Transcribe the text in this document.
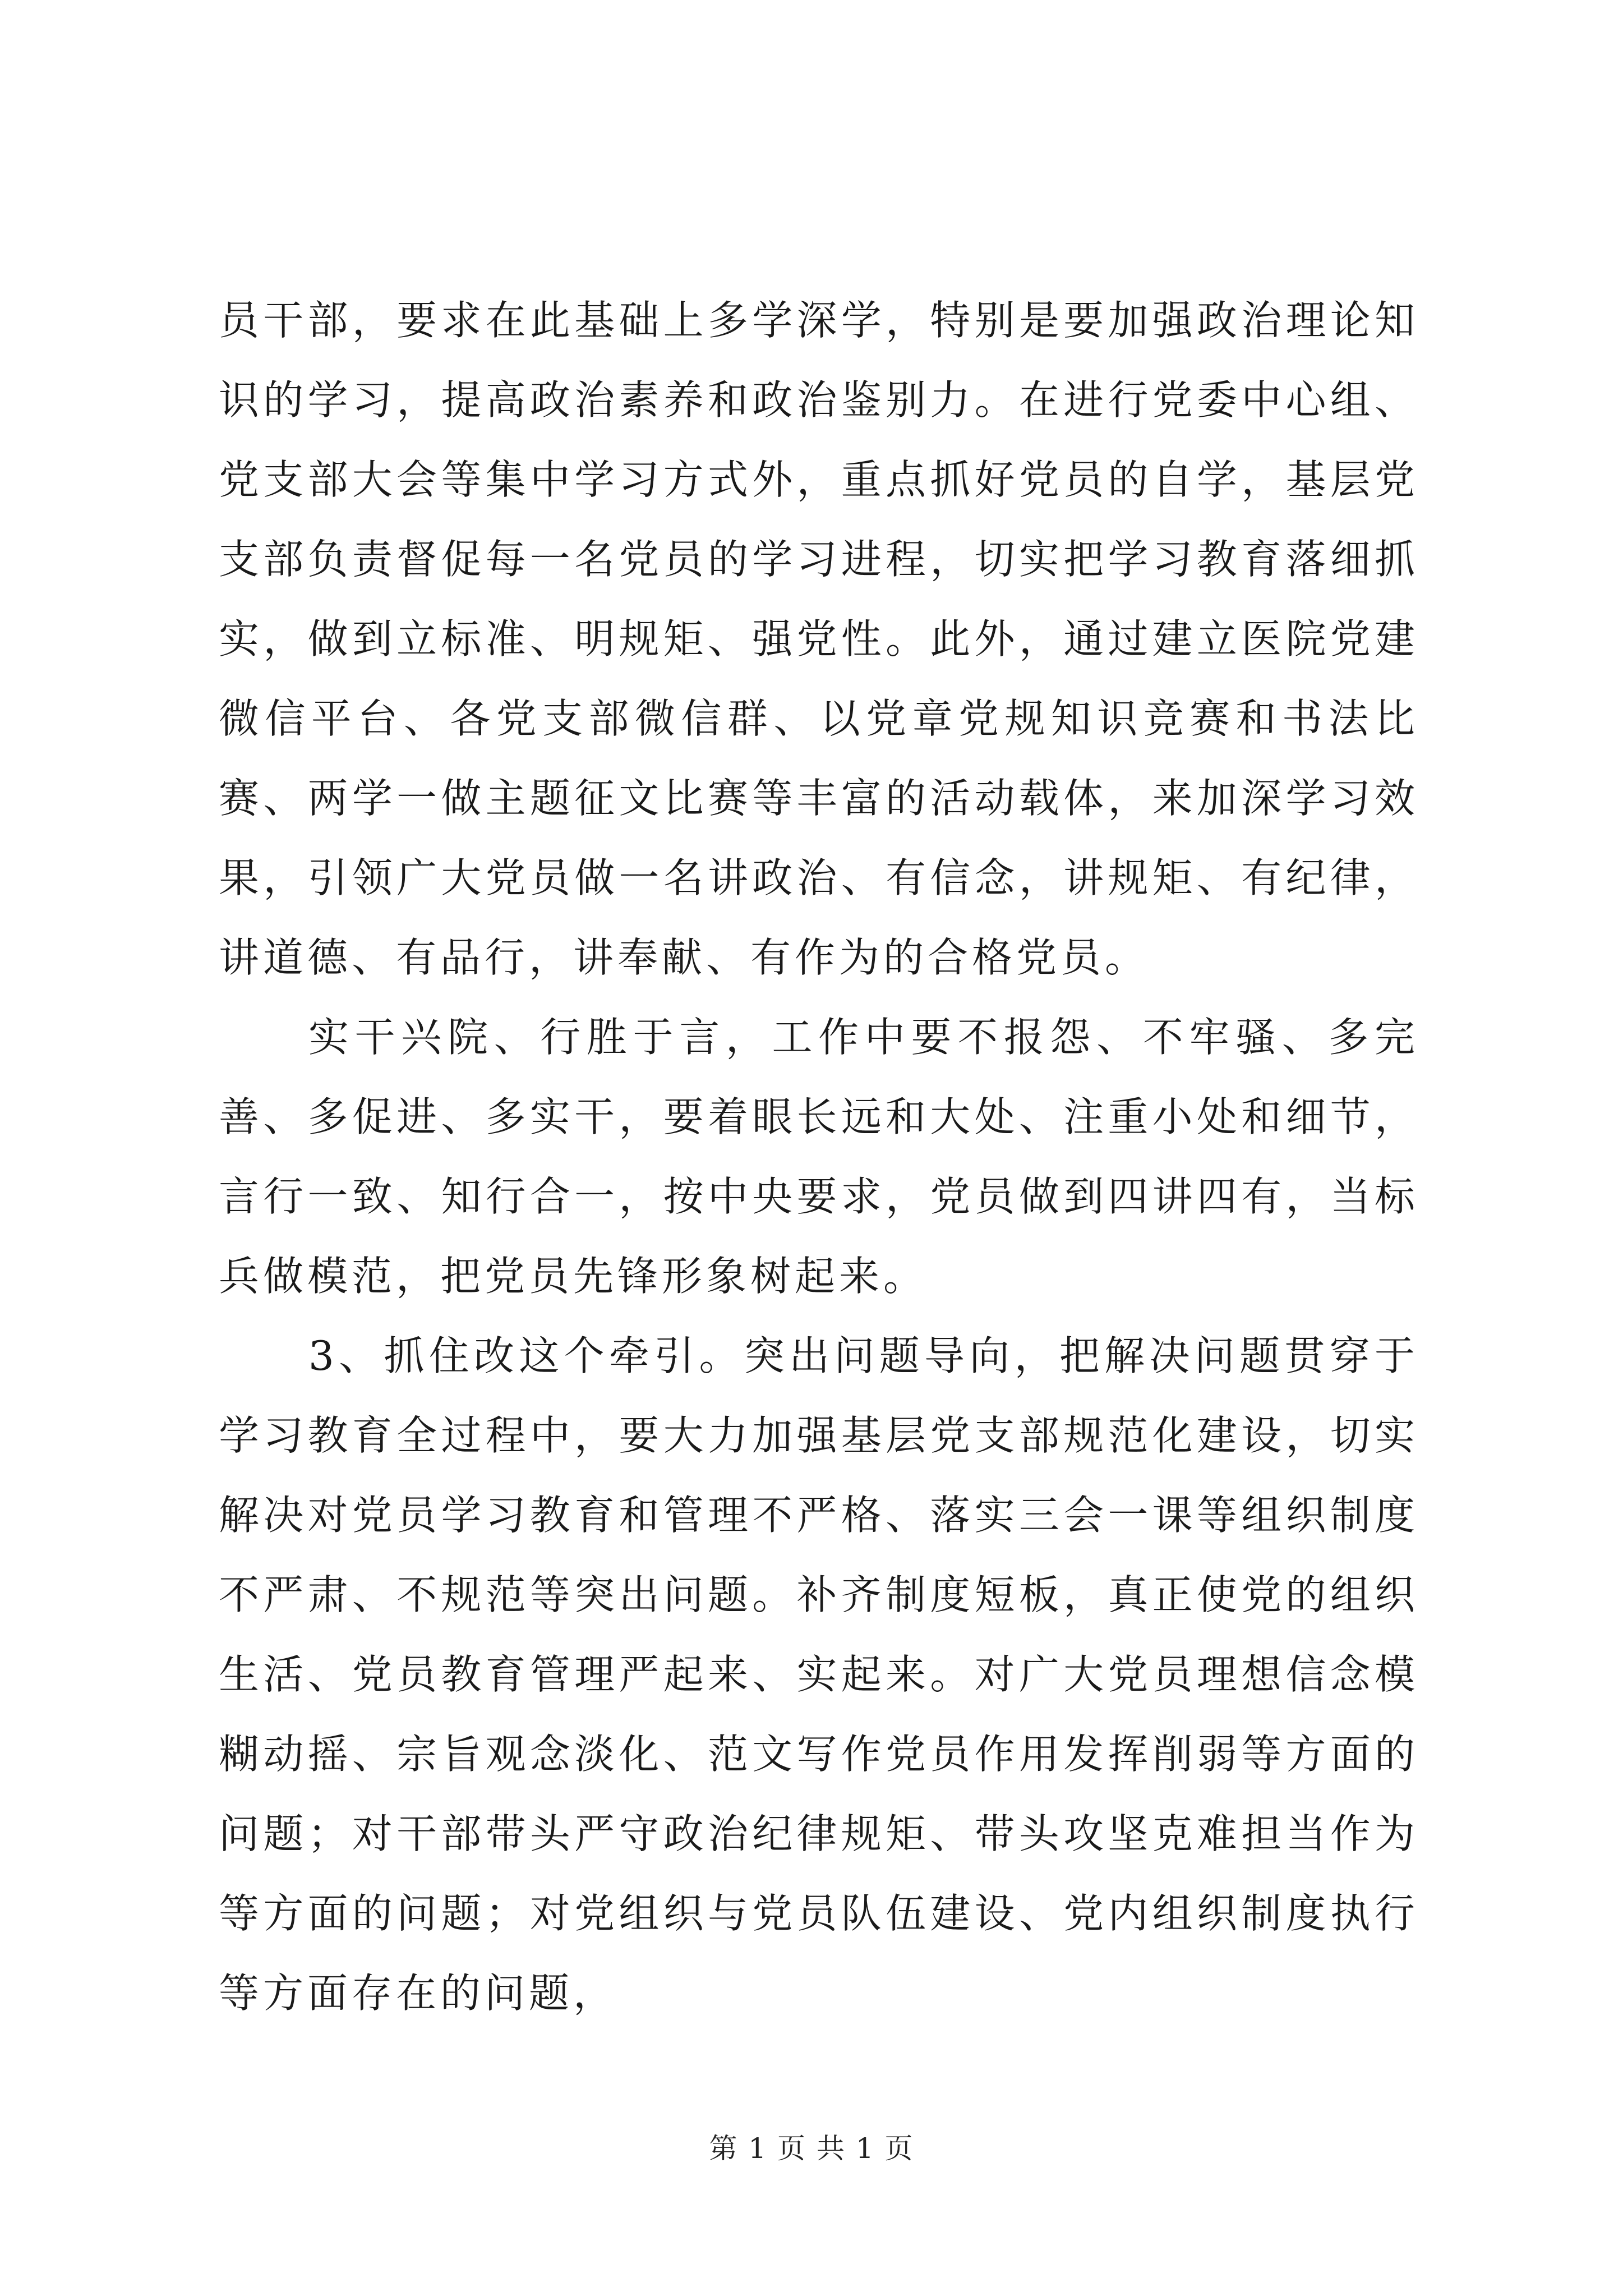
员干部，要求在此基础上多学深学，特别是要加强政治理论知识的学习，提高政治素养和政治鉴别力。在进行党委中心组、党支部大会等集中学习方式外，重点抓好党员的自学，基层党支部负责督促每一名党员的学习进程，切实把学习教育落细抓实，做到立标准、明规矩、强党性。此外，通过建立医院党建微信平台、各党支部微信群、以党章党规知识竞赛和书法比赛、两学一做主题征文比赛等丰富的活动载体，来加深学习效果，引领广大党员做一名讲政治、有信念，讲规矩、有纪律，讲道德、有品行，讲奉献、有作为的合格党员。

实干兴院、行胜于言，工作中要不报怨、不牢骚、多完善、多促进、多实干，要着眼长远和大处、注重小处和细节，言行一致、知行合一，按中央要求，党员做到四讲四有，当标兵做模范，把党员先锋形象树起来。

3、抓住改这个牵引。突出问题导向，把解决问题贯穿于学习教育全过程中，要大力加强基层党支部规范化建设，切实解决对党员学习教育和管理不严格、落实三会一课等组织制度不严肃、不规范等突出问题。补齐制度短板，真正使党的组织生活、党员教育管理严起来、实起来。对广大党员理想信念模糊动摇、宗旨观念淡化、范文写作党员作用发挥削弱等方面的问题；对干部带头严守政治纪律规矩、带头攻坚克难担当作为等方面的问题；对党组织与党员队伍建设、党内组织制度执行等方面存在的问题，

第 1 页 共 1 页
